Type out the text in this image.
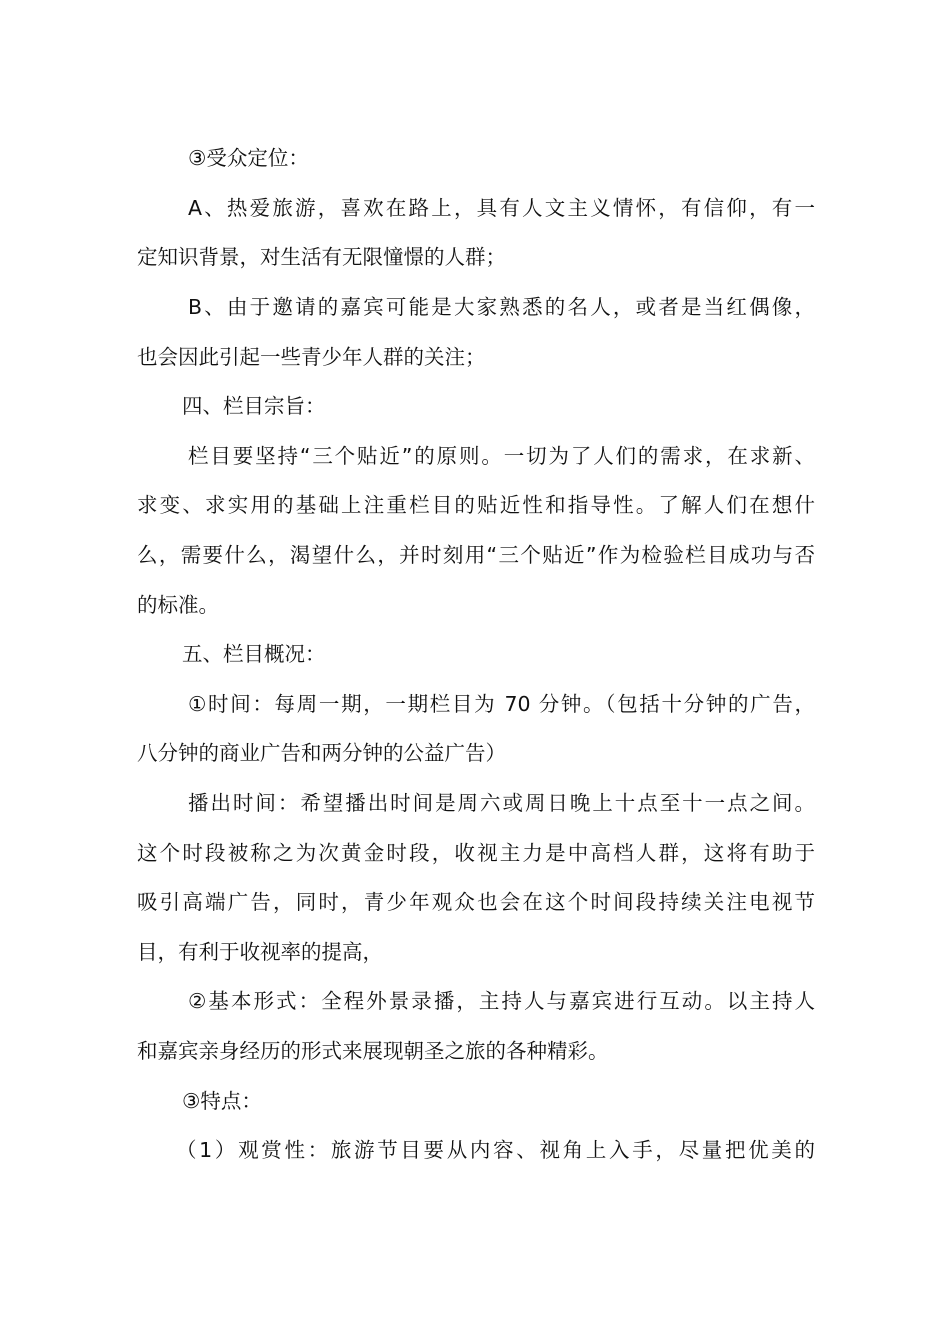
③受众定位：
A、热爱旅游，喜欢在路上，具有人文主义情怀，有信仰，有一
定知识背景，对生活有无限憧憬的人群；
B、由于邀请的嘉宾可能是大家熟悉的名人，或者是当红偶像，
也会因此引起一些青少年人群的关注；
四、栏目宗旨：
栏目要坚持“三个贴近”的原则。一切为了人们的需求，在求新、
求变、求实用的基础上注重栏目的贴近性和指导性。了解人们在想什
么，需要什么，渴望什么，并时刻用“三个贴近”作为检验栏目成功与否
的标准。
五、栏目概况：
①时间：每周一期，一期栏目为 70 分钟。（包括十分钟的广告，
八分钟的商业广告和两分钟的公益广告）
播出时间：希望播出时间是周六或周日晚上十点至十一点之间。
这个时段被称之为次黄金时段，收视主力是中高档人群，这将有助于
吸引高端广告，同时，青少年观众也会在这个时间段持续关注电视节
目，有利于收视率的提高，
②基本形式：全程外景录播，主持人与嘉宾进行互动。以主持人
和嘉宾亲身经历的形式来展现朝圣之旅的各种精彩。
③特点：
（1）观赏性：旅游节目要从内容、视角上入手，尽量把优美的
